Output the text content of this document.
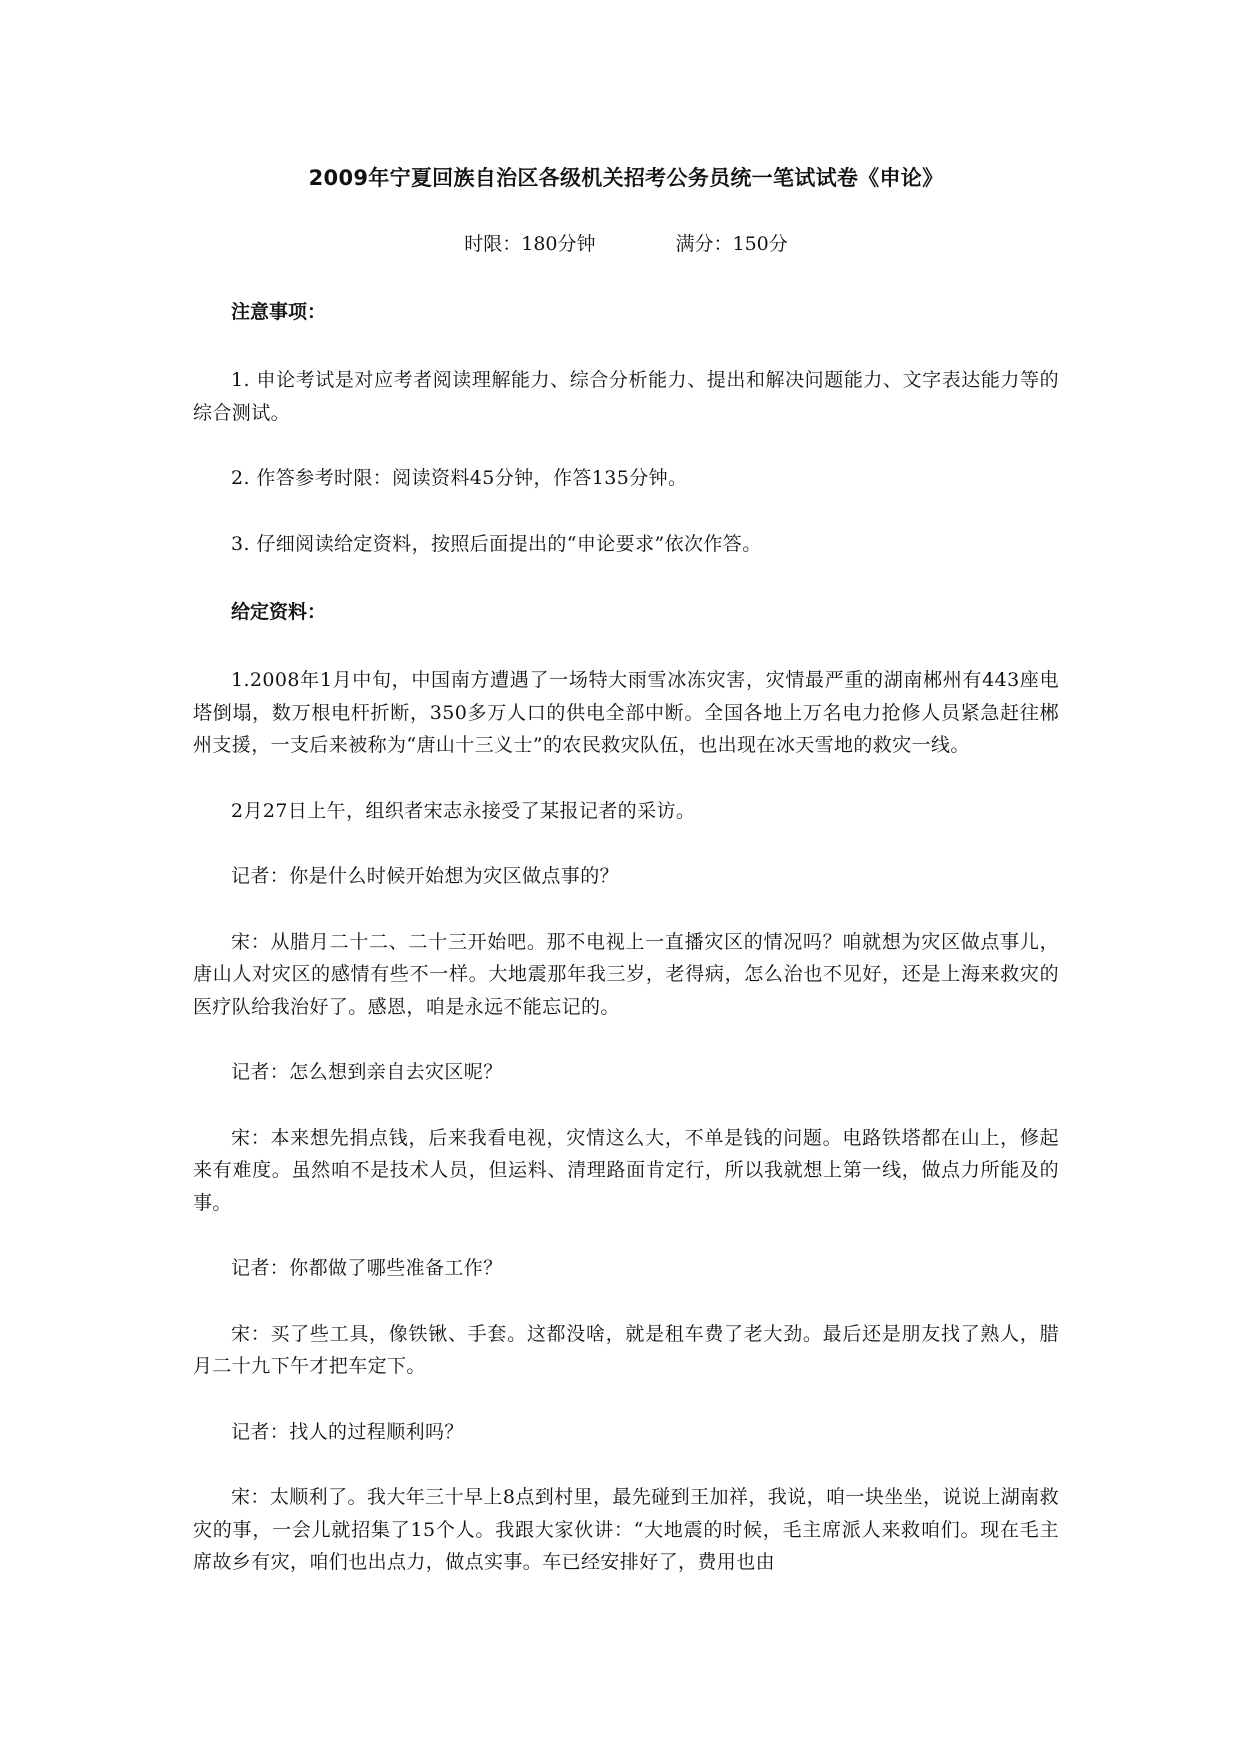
2009年宁夏回族自治区各级机关招考公务员统一笔试试卷《申论》
时限：180分钟	满分：150分
注意事项：

1. 申论考试是对应考者阅读理解能力、综合分析能力、提出和解决问题能力、文字表达能力等的综合测试。

2. 作答参考时限：阅读资料45分钟，作答135分钟。

3. 仔细阅读给定资料，按照后面提出的“申论要求”依次作答。

给定资料：

1.2008年1月中旬，中国南方遭遇了一场特大雨雪冰冻灾害，灾情最严重的湖南郴州有443座电塔倒塌，数万根电杆折断，350多万人口的供电全部中断。全国各地上万名电力抢修人员紧急赶往郴州支援，一支后来被称为“唐山十三义士”的农民救灾队伍，也出现在冰天雪地的救灾一线。

2月27日上午，组织者宋志永接受了某报记者的采访。

记者：你是什么时候开始想为灾区做点事的？

宋：从腊月二十二、二十三开始吧。那不电视上一直播灾区的情况吗？咱就想为灾区做点事儿，唐山人对灾区的感情有些不一样。大地震那年我三岁，老得病，怎么治也不见好，还是上海来救灾的医疗队给我治好了。感恩，咱是永远不能忘记的。

记者：怎么想到亲自去灾区呢？

宋：本来想先捐点钱，后来我看电视，灾情这么大，不单是钱的问题。电路铁塔都在山上，修起来有难度。虽然咱不是技术人员，但运料、清理路面肯定行，所以我就想上第一线，做点力所能及的事。

记者：你都做了哪些准备工作？

宋：买了些工具，像铁锹、手套。这都没啥，就是租车费了老大劲。最后还是朋友找了熟人，腊月二十九下午才把车定下。

记者：找人的过程顺利吗？

宋：太顺利了。我大年三十早上8点到村里，最先碰到王加祥，我说，咱一块坐坐，说说上湖南救灾的事，一会儿就招集了15个人。我跟大家伙讲：“大地震的时候，毛主席派人来救咱们。现在毛主席故乡有灾，咱们也出点力，做点实事。车已经安排好了，费用也由
